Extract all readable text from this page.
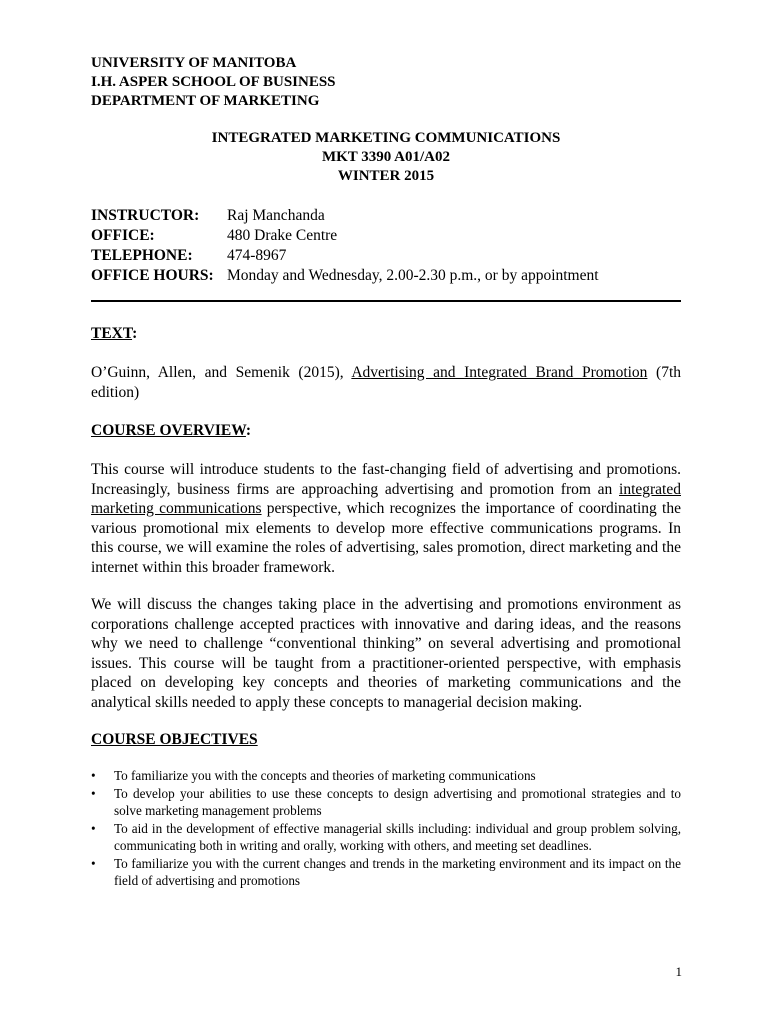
UNIVERSITY OF MANITOBA
I.H. ASPER SCHOOL OF BUSINESS
DEPARTMENT OF MARKETING
INTEGRATED MARKETING COMMUNICATIONS
MKT 3390 A01/A02
WINTER 2015
INSTRUCTOR:	Raj Manchanda
OFFICE:	480 Drake Centre
TELEPHONE:	474-8967
OFFICE HOURS: Monday and Wednesday, 2.00-2.30 p.m., or by appointment
TEXT:
O’Guinn, Allen, and Semenik (2015), Advertising and Integrated Brand Promotion (7th edition)
COURSE OVERVIEW:
This course will introduce students to the fast-changing field of advertising and promotions. Increasingly, business firms are approaching advertising and promotion from an integrated marketing communications perspective, which recognizes the importance of coordinating the various promotional mix elements to develop more effective communications programs. In this course, we will examine the roles of advertising, sales promotion, direct marketing and the internet within this broader framework.
We will discuss the changes taking place in the advertising and promotions environment as corporations challenge accepted practices with innovative and daring ideas, and the reasons why we need to challenge “conventional thinking” on several advertising and promotional issues. This course will be taught from a practitioner-oriented perspective, with emphasis placed on developing key concepts and theories of marketing communications and the analytical skills needed to apply these concepts to managerial decision making.
COURSE OBJECTIVES
• To familiarize you with the concepts and theories of marketing communications
• To develop your abilities to use these concepts to design advertising and promotional strategies and to solve marketing management problems
• To aid in the development of effective managerial skills including: individual and group problem solving, communicating both in writing and orally, working with others, and meeting set deadlines.
• To familiarize you with the current changes and trends in the marketing environment and its impact on the field of advertising and promotions
1
